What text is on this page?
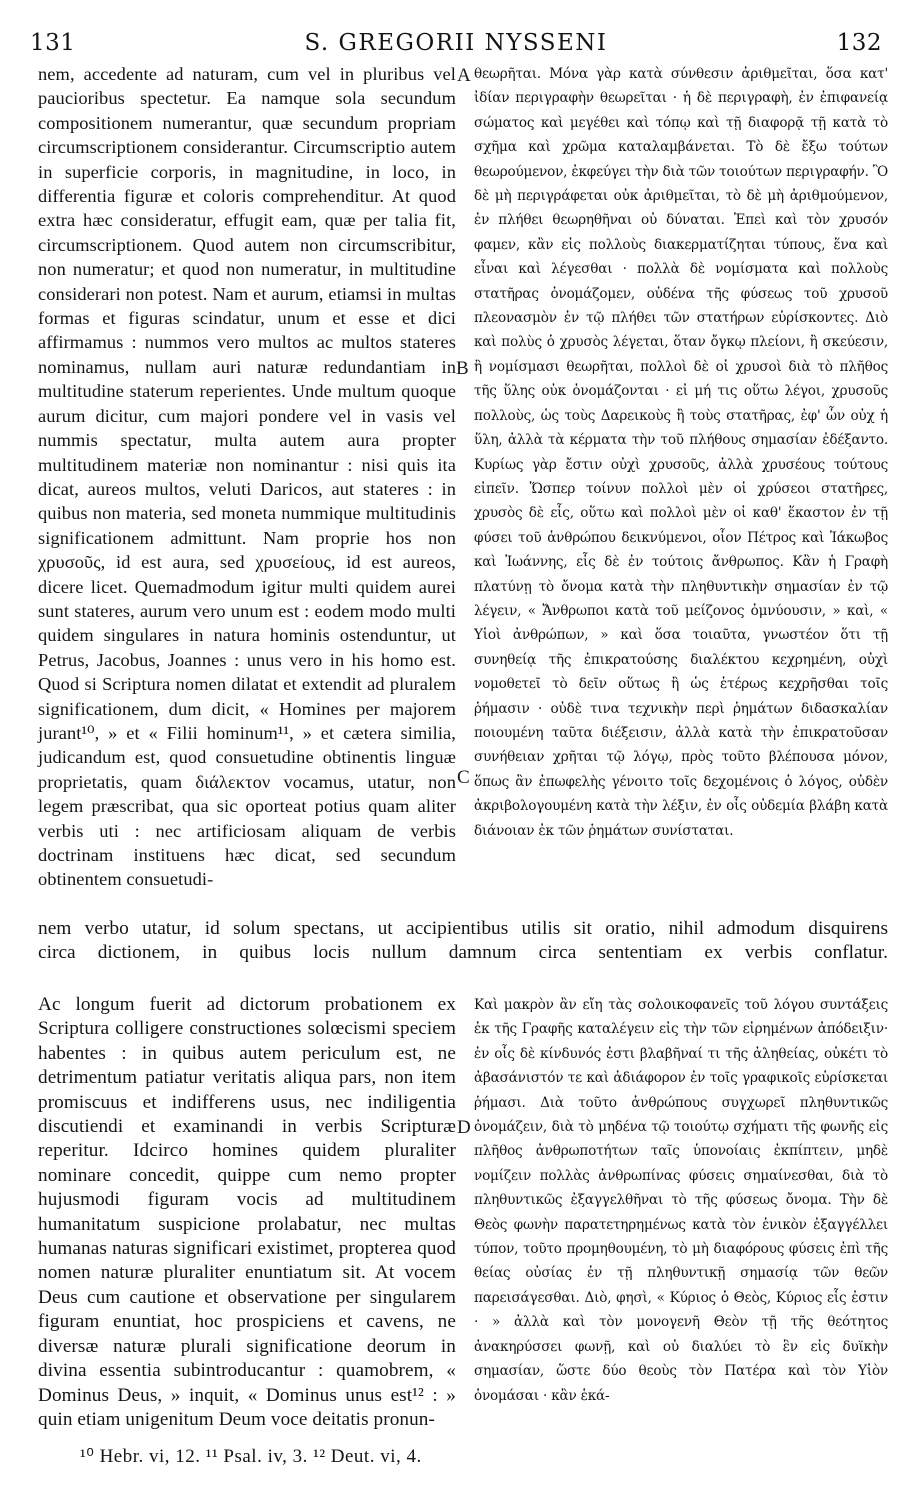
131	S. GREGORII NYSSENI	132
nem, accedente ad naturam, cum vel in pluribus vel paucioribus spectetur. Ea namque sola secundum compositionem numerantur, quæ secundum propriam circumscriptionem considerantur. Circumscriptio autem in superficie corporis, in magnitudine, in loco, in differentia figuræ et coloris comprehenditur. At quod extra hæc consideratur, effugit eam, quæ per talia fit, circumscriptionem. Quod autem non circumscribitur, non numeratur; et quod non numeratur, in multitudine considerari non potest. Nam et aurum, etiamsi in multas formas et figuras scindatur, unum et esse et dici affirmamus : nummos vero multos ac multos stateres nominamus, nullam auri naturæ redundantiam in multitudine staterum reperientes. Unde multum quoque aurum dicitur, cum majori pondere vel in vasis vel nummis spectatur, multa autem aura propter multitudinem materiæ non nominantur : nisi quis ita dicat, aureos multos, veluti Daricos, aut stateres : in quibus non materia, sed moneta nummique multitudinis significationem admittunt. Nam proprie hos non χρυσοῦς, id est aura, sed χρυσείους, id est aureos, dicere licet. Quemadmodum igitur multi quidem aurei sunt stateres, aurum vero unum est : eodem modo multi quidem singulares in natura hominis ostenduntur, ut Petrus, Jacobus, Joannes : unus vero in his homo est. Quod si Scriptura nomen dilatat et extendit ad pluralem significationem, dum dicit, « Homines per majorem jurant¹⁰, » et « Filii hominum¹¹, » et cætera similia, judicandum est, quod consuetudine obtinentis linguæ proprietatis, quam διάλεκτον vocamus, utatur, non legem præscribat, qua sic oporteat potius quam aliter verbis uti : nec artificiosam aliquam de verbis doctrinam instituens hæc dicat, sed secundum obtinentem consuetudi-
θεωρῆται. Μόνα γὰρ κατὰ σύνθεσιν ἀριθμεῖται, ὅσα κατ' ἰδίαν περιγραφὴν θεωρεῖται · ἡ δὲ περιγραφὴ, ἐν ἐπιφανείᾳ σώματος καὶ μεγέθει καὶ τόπῳ καὶ τῇ διαφορᾷ τῇ κατὰ τὸ σχῆμα καὶ χρῶμα καταλαμβάνεται. Τὸ δὲ ἔξω τούτων θεωρούμενον, ἐκφεύγει τὴν διὰ τῶν τοιούτων περιγραφήν. Ὃ δὲ μὴ περιγράφεται οὐκ ἀριθμεῖται, τὸ δὲ μὴ ἀριθμούμενον, ἐν πλήθει θεωρηθῆναι οὐ δύναται. Ἐπεὶ καὶ τὸν χρυσόν φαμεν, κἂν εἰς πολλοὺς διακερματίζηται τύπους, ἕνα καὶ εἶναι καὶ λέγεσθαι · πολλὰ δὲ νομίσματα καὶ πολλοὺς στατῆρας ὀνομάζομεν, οὐδένα τῆς φύσεως τοῦ χρυσοῦ πλεονασμὸν ἐν τῷ πλήθει τῶν στατήρων εὑρίσκοντες. Διὸ καὶ πολὺς ὁ χρυσὸς λέγεται, ὅταν ὄγκῳ πλείονι, ἢ σκεύεσιν, ἢ νομίσμασι θεωρῆται, πολλοὶ δὲ οἱ χρυσοὶ διὰ τὸ πλῆθος τῆς ὕλης οὐκ ὀνομάζονται · εἰ μή τις οὕτω λέγοι, χρυσοῦς πολλοὺς, ὡς τοὺς Δαρεικοὺς ἢ τοὺς στατῆρας, ἐφ' ὧν οὐχ ἡ ὕλη, ἀλλὰ τὰ κέρματα τὴν τοῦ πλήθους σημασίαν ἐδέξαντο. Κυρίως γὰρ ἔστιν οὐχὶ χρυσοῦς, ἀλλὰ χρυσέους τούτους εἰπεῖν. Ὥσπερ τοίνυν πολλοὶ μὲν οἱ χρύσεοι στατῆρες, χρυσὸς δὲ εἷς, οὕτω καὶ πολλοὶ μὲν οἱ καθ' ἕκαστον ἐν τῇ φύσει τοῦ ἀνθρώπου δεικνύμενοι, οἷον Πέτρος καὶ Ἰάκωβος καὶ Ἰωάννης, εἷς δὲ ἐν τούτοις ἄνθρωπος. Κἂν ἡ Γραφὴ πλατύνῃ τὸ ὄνομα κατὰ τὴν πληθυντικὴν σημασίαν ἐν τῷ λέγειν, « Ἄνθρωποι κατὰ τοῦ μείζονος ὀμνύουσιν, » καὶ, « Υἱοὶ ἀνθρώπων, » καὶ ὅσα τοιαῦτα, γνωστέον ὅτι τῇ συνηθείᾳ τῆς ἐπικρατούσης διαλέκτου κεχρημένη, οὐχὶ νομοθετεῖ τὸ δεῖν οὕτως ἢ ὡς ἑτέρως κεχρῆσθαι τοῖς ῥήμασιν · οὐδὲ τινα τεχνικὴν περὶ ῥημάτων διδασκαλίαν ποιουμένη ταῦτα διέξεισιν, ἀλλὰ κατὰ τὴν ἐπικρατοῦσαν συνήθειαν χρῆται τῷ λόγῳ, πρὸς τοῦτο βλέπουσα μόνον, ὅπως ἂν ἐπωφελὴς γένοιτο τοῖς δεχομένοις ὁ λόγος, οὐδὲν ἀκριβολογουμένη κατὰ τὴν λέξιν, ἐν οἷς οὐδεμία βλάβη κατὰ διάνοιαν ἐκ τῶν ῥημάτων συνίσταται.
A
B
C
D
nem verbo utatur, id solum spectans, ut accipientibus utilis sit oratio, nihil admodum disquirens
circa dictionem, in quibus locis nullum damnum circa sententiam ex verbis conflatur.
Ac longum fuerit ad dictorum probationem ex Scriptura colligere constructiones solœcismi speciem habentes : in quibus autem periculum est, ne detrimentum patiatur veritatis aliqua pars, non item promiscuus et indifferens usus, nec indiligentia discutiendi et examinandi in verbis Scripturæ reperitur. Idcirco homines quidem pluraliter nominare concedit, quippe cum nemo propter hujusmodi figuram vocis ad multitudinem humanitatum suspicione prolabatur, nec multas humanas naturas significari existimet, propterea quod nomen naturæ pluraliter enuntiatum sit. At vocem Deus cum cautione et observatione per singularem figuram enuntiat, hoc prospiciens et cavens, ne diversæ naturæ plurali significatione deorum in divina essentia subintroducantur : quamobrem, « Dominus Deus, » inquit, « Dominus unus est¹² : » quin etiam unigenitum Deum voce deitatis pronun-
Καὶ μακρὸν ἂν εἴη τὰς σολοικοφανεῖς τοῦ λόγου συντάξεις ἐκ τῆς Γραφῆς καταλέγειν εἰς τὴν τῶν εἰρημένων ἀπόδειξιν· ἐν οἷς δὲ κίνδυνός ἐστι βλαβῆναί τι τῆς ἀληθείας, οὐκέτι τὸ ἀβασάνιστόν τε καὶ ἀδιάφορον ἐν τοῖς γραφικοῖς εὑρίσκεται ῥήμασι. Διὰ τοῦτο ἀνθρώπους συγχωρεῖ πληθυντικῶς ὀνομάζειν, διὰ τὸ μηδένα τῷ τοιούτῳ σχήματι τῆς φωνῆς εἰς πλῆθος ἀνθρωποτήτων ταῖς ὑπονοίαις ἐκπίπτειν, μηδὲ νομίζειν πολλὰς ἀνθρωπίνας φύσεις σημαίνεσθαι, διὰ τὸ πληθυντικῶς ἐξαγγελθῆναι τὸ τῆς φύσεως ὄνομα. Τὴν δὲ Θεὸς φωνὴν παρατετηρημένως κατὰ τὸν ἑνικὸν ἐξαγγέλλει τύπον, τοῦτο προμηθουμένη, τὸ μὴ διαφόρους φύσεις ἐπὶ τῆς θείας οὐσίας ἐν τῇ πληθυντικῇ σημασίᾳ τῶν θεῶν παρεισάγεσθαι. Διὸ, φησὶ, « Κύριος ὁ Θεὸς, Κύριος εἷς ἐστιν · » ἀλλὰ καὶ τὸν μονογενῆ Θεὸν τῇ τῆς θεότητος ἀνακηρύσσει φωνῇ, καὶ οὐ διαλύει τὸ ἓν εἰς δυϊκὴν σημασίαν, ὥστε δύο θεοὺς τὸν Πατέρα καὶ τὸν Υἱὸν ὀνομάσαι · κἂν ἑκά-
¹⁰ Hebr. vi, 12. ¹¹ Psal. iv, 3. ¹² Deut. vi, 4.
